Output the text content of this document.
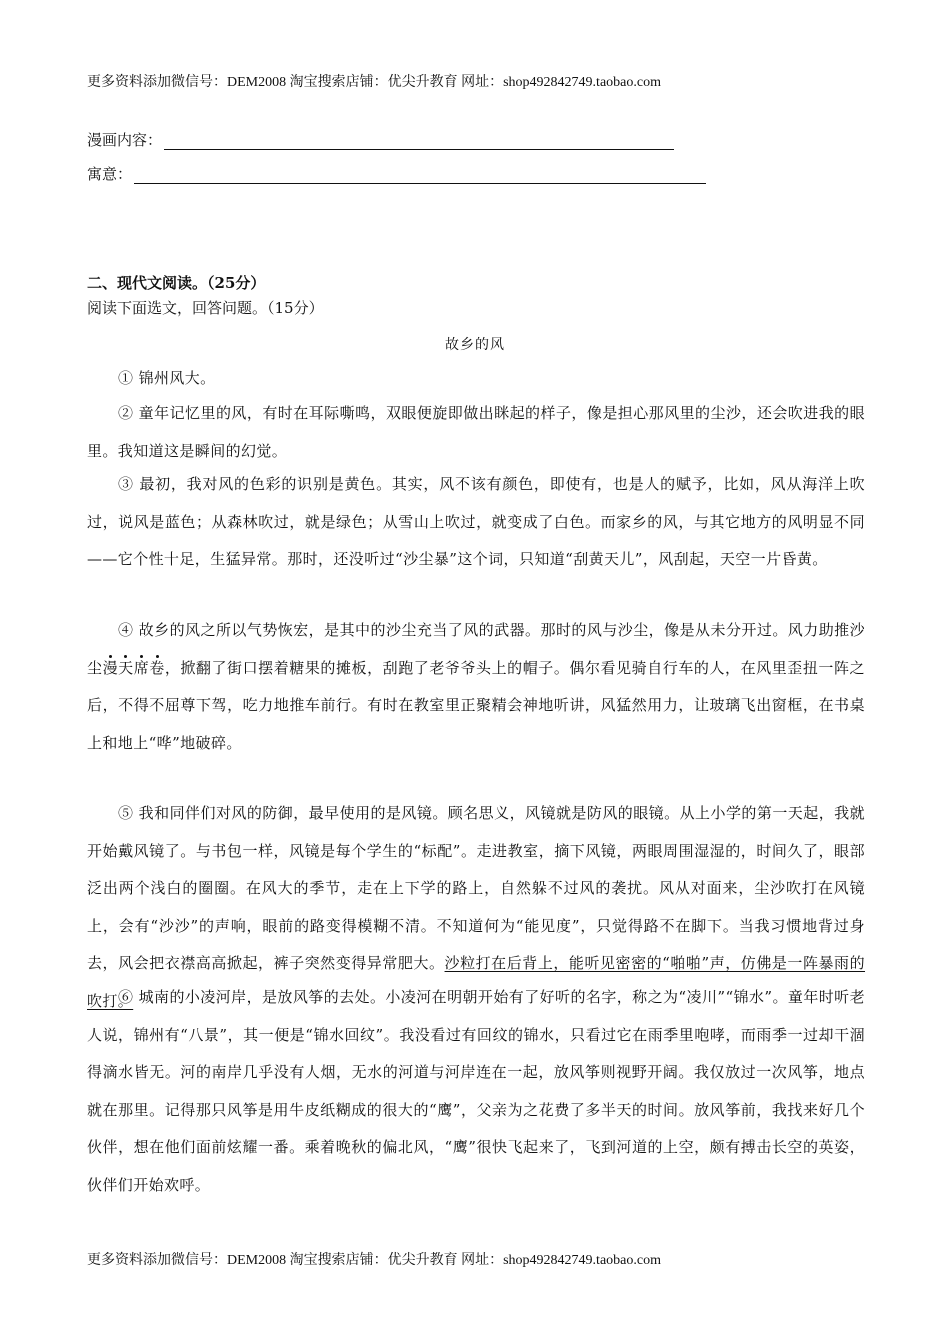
更多资料添加微信号：DEM2008 淘宝搜索店铺：优尖升教育 网址：shop492842749.taobao.com
漫画内容：
寓意：
二、现代文阅读。（25分）
阅读下面选文，回答问题。（15分）
故乡的风

① 锦州风大。

② 童年记忆里的风，有时在耳际嘶鸣，双眼便旋即做出眯起的样子，像是担心那风里的尘沙，还会吹进我的眼里。我知道这是瞬间的幻觉。

③ 最初，我对风的色彩的识别是黄色。其实，风不该有颜色，即使有，也是人的赋予，比如，风从海洋上吹过，说风是蓝色；从森林吹过，就是绿色；从雪山上吹过，就变成了白色。而家乡的风，与其它地方的风明显不同——它个性十足，生猛异常。那时，还没听过“沙尘暴”这个词，只知道“刮黄天儿”，风刮起，天空一片昏黄。

④ 故乡的风之所以气势恢宏，是其中的沙尘充当了风的武器。那时的风与沙尘，像是从未分开过。风力助推沙尘漫天席卷，掀翻了街口摆着糖果的摊板，刮跑了老爷爷头上的帽子。偶尔看见骑自行车的人，在风里歪扭一阵之后，不得不屈尊下驾，吃力地推车前行。有时在教室里正聚精会神地听讲，风猛然用力，让玻璃飞出窗框，在书桌上和地上“哗”地破碎。

⑤ 我和同伴们对风的防御，最早使用的是风镜。顾名思义，风镜就是防风的眼镜。从上小学的第一天起，我就开始戴风镜了。与书包一样，风镜是每个学生的“标配”。走进教室，摘下风镜，两眼周围湿湿的，时间久了，眼部泛出两个浅白的圈圈。在风大的季节，走在上下学的路上，自然躲不过风的袭扰。风从对面来，尘沙吹打在风镜上，会有“沙沙”的声响，眼前的路变得模糊不清。不知道何为“能见度”，只觉得路不在脚下。当我习惯地背过身去，风会把衣襟高高掀起，裤子突然变得异常肥大。沙粒打在后背上，能听见密密的“啪啪”声，仿佛是一阵暴雨的吹打。

⑥ 城南的小凌河岸，是放风筝的去处。小凌河在明朝开始有了好听的名字，称之为“凌川”“锦水”。童年时听老人说，锦州有“八景”，其一便是“锦水回纹”。我没看过有回纹的锦水，只看过它在雨季里咆哮，而雨季一过却干涸得滴水皆无。河的南岸几乎没有人烟，无水的河道与河岸连在一起，放风筝则视野开阔。我仅放过一次风筝，地点就在那里。记得那只风筝是用牛皮纸糊成的很大的“鹰”，父亲为之花费了多半天的时间。放风筝前，我找来好几个伙伴，想在他们面前炫耀一番。乘着晚秋的偏北风，“鹰”很快飞起来了，飞到河道的上空，颇有搏击长空的英姿，伙伴们开始欢呼。

更多资料添加微信号：DEM2008 淘宝搜索店铺：优尖升教育 网址：shop492842749.taobao.com
